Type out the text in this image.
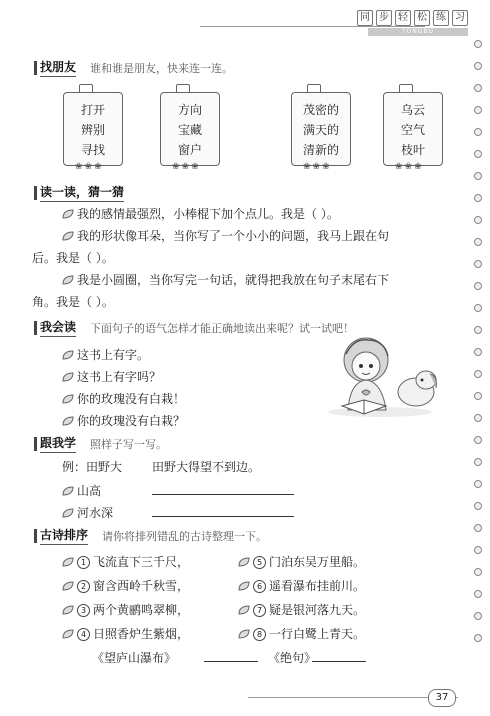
同 步 轻 松 练 习
TONGBU
找朋友 谁和谁是朋友，快来连一连。
打开
辨别
寻找
❀❀❀
方向
宝藏
窗户
❀❀❀
茂密的
满天的
清新的
❀❀❀
乌云
空气
枝叶
❀❀❀
读一读，猜一猜
我的感情最强烈，小棒棍下加个点儿。我是（ ）。
我的形状像耳朵，当你写了一个小小的问题，我马上跟在句
后。我是（ ）。
我是小圆圈，当你写完一句话，就得把我放在句子末尾右下
角。我是（ ）。
我会读 下面句子的语气怎样才能正确地读出来呢？试一试吧！
这书上有字。
这书上有字吗？
你的玫瑰没有白栽！
你的玫瑰没有白栽？
跟我学 照样子写一写。
例：田野大 田野大得望不到边。
山高
河水深
古诗排序 请你将排列错乱的古诗整理一下。
1 飞流直下三千尺，
2 窗含西岭千秋雪，
3 两个黄鹂鸣翠柳，
4 日照香炉生紫烟，
5 门泊东吴万里船。
6 遥看瀑布挂前川。
7 疑是银河落九天。
8 一行白鹭上青天。
《望庐山瀑布》	《绝句》
37
